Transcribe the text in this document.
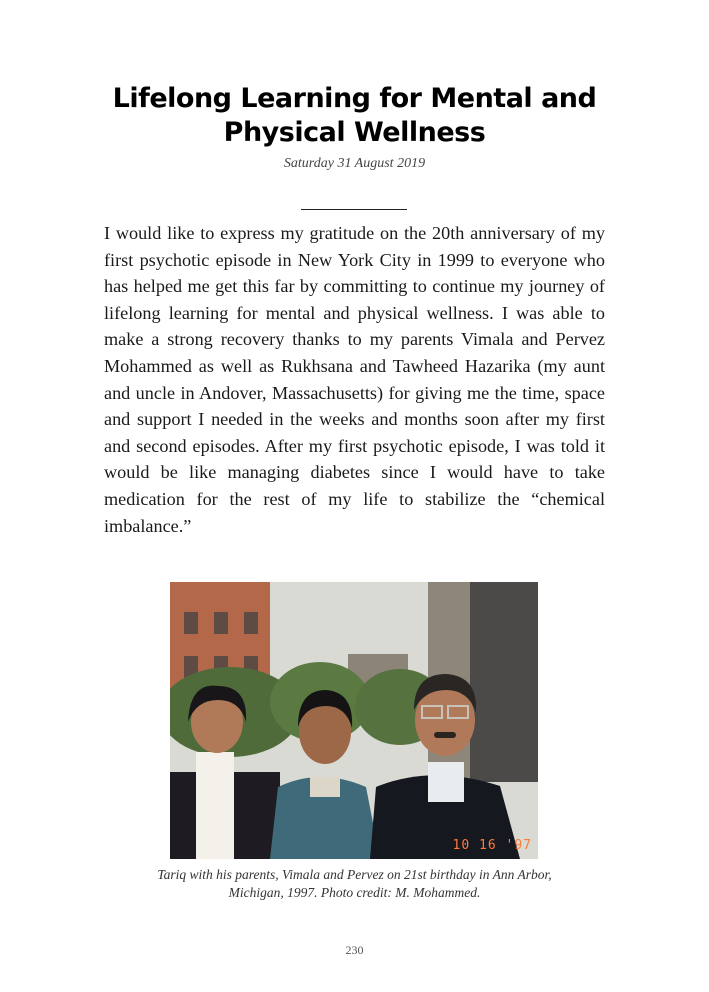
Lifelong Learning for Mental and Physical Wellness
Saturday 31 August 2019

I would like to express my gratitude on the 20th anniversary of my first psychotic episode in New York City in 1999 to everyone who has helped me get this far by committing to continue my journey of lifelong learning for mental and physical wellness. I was able to make a strong recovery thanks to my parents Vimala and Pervez Mohammed as well as Rukhsana and Tawheed Hazarika (my aunt and uncle in Andover, Massachusetts) for giving me the time, space and support I needed in the weeks and months soon after my first and second episodes. After my first psychotic episode, I was told it would be like managing diabetes since I would have to take medication for the rest of my life to stabilize the “chemical imbalance.”

10 16 '97
Tariq with his parents, Vimala and Pervez on 21st birthday in Ann Arbor, Michigan, 1997. Photo credit: M. Mohammed.
230
